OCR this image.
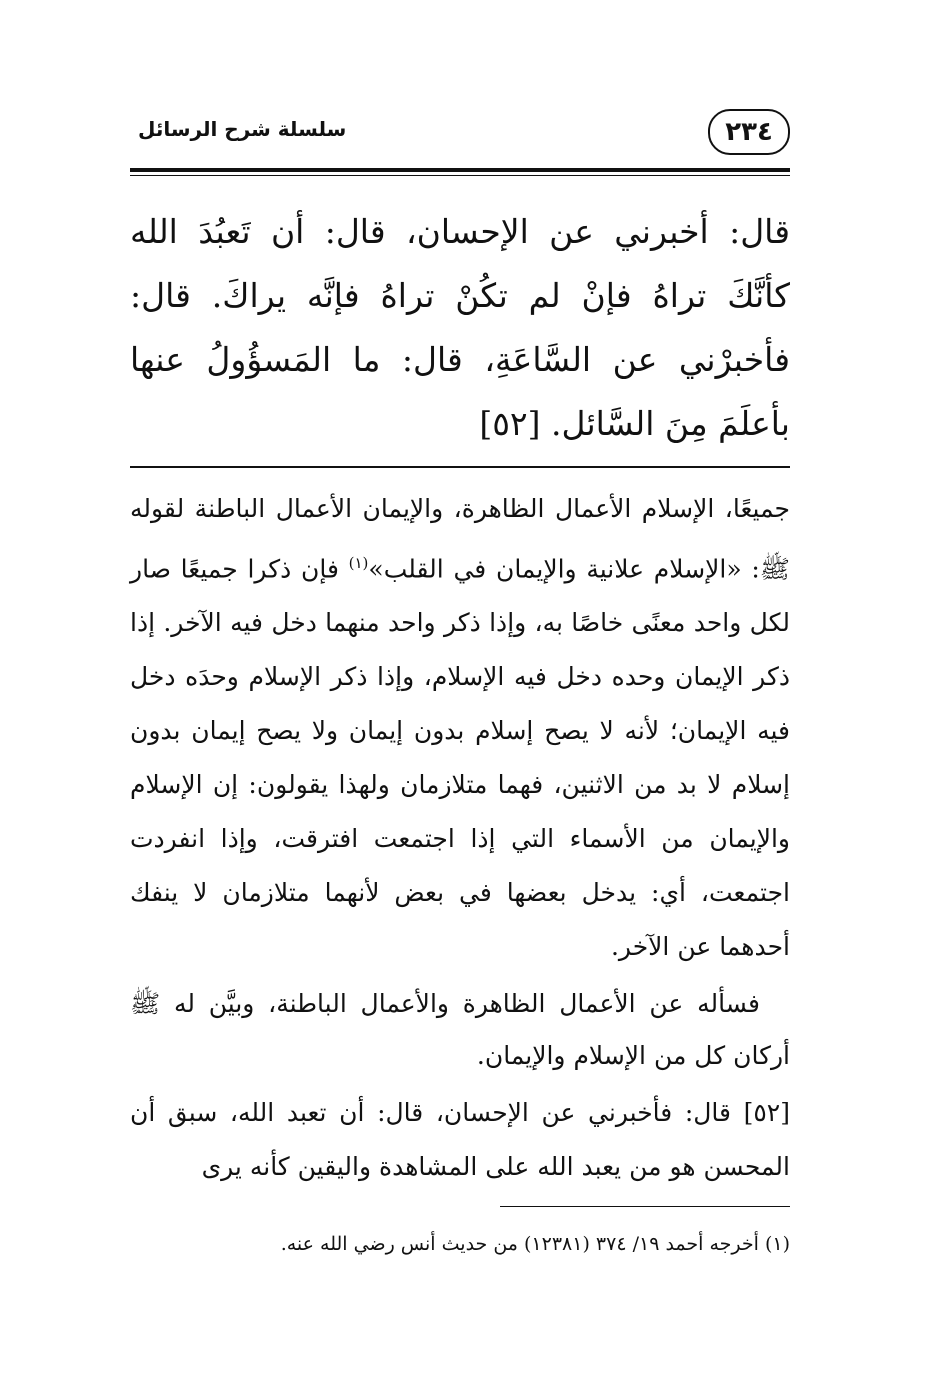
٢٣٤
سلسلة شرح الرسائل

قال: أخبرني عن الإحسان، قال: أن تَعبُدَ الله كأنَّكَ تراهُ فإنْ لم تكُنْ تراهُ فإنَّه يراكَ. قال: فأخبرْني عن السَّاعَةِ، قال: ما المَسؤُولُ عنها بأعلَمَ مِنَ السَّائل. [٥٢]

جميعًا، الإسلام الأعمال الظاهرة، والإيمان الأعمال الباطنة لقوله ﷺ: «الإسلام علانية والإيمان في القلب»$^{(١)}$ فإن ذكرا جميعًا صار لكل واحد معنًى خاصًا به، وإذا ذكر واحد منهما دخل فيه الآخر. إذا ذكر الإيمان وحده دخل فيه الإسلام، وإذا ذكر الإسلام وحدَه دخل فيه الإيمان؛ لأنه لا يصح إسلام بدون إيمان ولا يصح إيمان بدون إسلام لا بد من الاثنين، فهما متلازمان ولهذا يقولون: إن الإسلام والإيمان من الأسماء التي إذا اجتمعت افترقت، وإذا انفردت اجتمعت، أي: يدخل بعضها في بعض لأنهما متلازمان لا ينفك أحدهما عن الآخر.

فسأله عن الأعمال الظاهرة والأعمال الباطنة، وبيَّن له ﷺ أركان كل من الإسلام والإيمان.

[٥٢] قال: فأخبرني عن الإحسان، قال: أن تعبد الله، سبق أن المحسن هو من يعبد الله على المشاهدة واليقين كأنه يرى

(١) أخرجه أحمد ١٩/ ٣٧٤ (١٢٣٨١) من حديث أنس رضي الله عنه.
